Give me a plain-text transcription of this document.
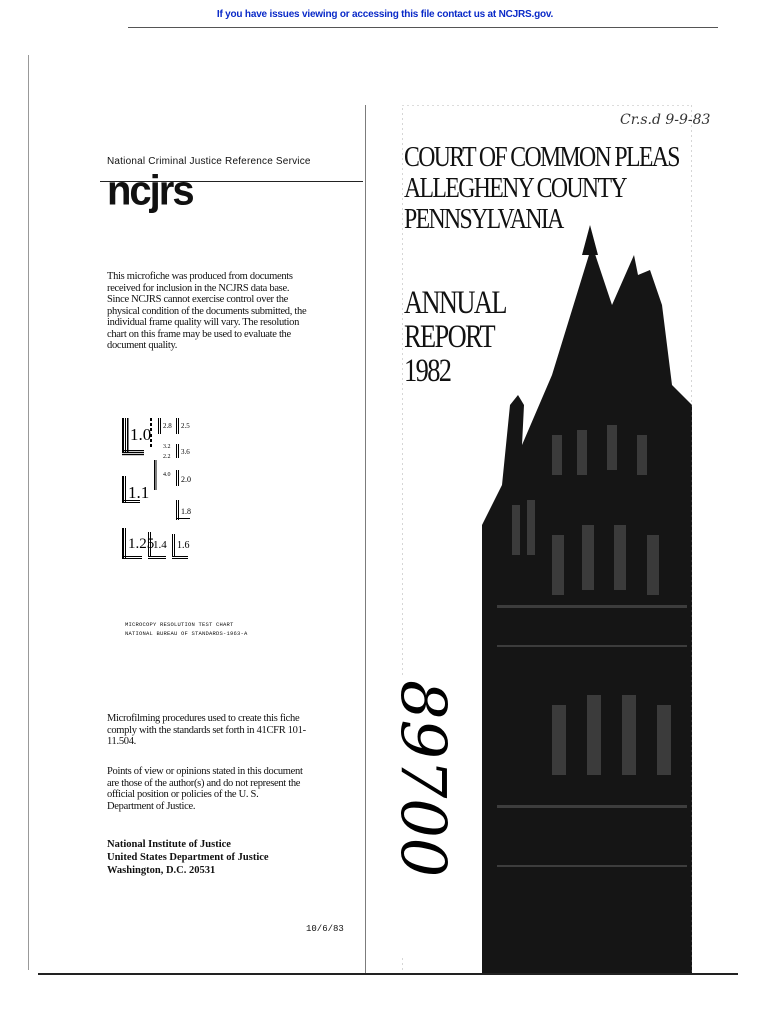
If you have issues viewing or accessing this file contact us at NCJRS.gov.
National Criminal Justice Reference Service
ncjrs
This microfiche was produced from documents received for inclusion in the NCJRS data base. Since NCJRS cannot exercise control over the physical condition of the documents submitted, the individual frame quality will vary. The resolution chart on this frame may be used to evaluate the document quality.
1.0 2.8 2.5
3.2
3.6
2.2
4.0 2.0
1.1
1.8
1.25
1.4 1.6
MICROCOPY RESOLUTION TEST CHART
NATIONAL BUREAU OF STANDARDS-1963-A
Microfilming procedures used to create this fiche comply with the standards set forth in 41CFR 101-11.504.
Points of view or opinions stated in this document are those of the author(s) and do not represent the official position or policies of the U. S. Department of Justice.
National Institute of Justice
United States Department of Justice
Washington, D.C. 20531
10/6/83
Cr.s.d 9-9-83
COURT OF COMMON PLEAS
ALLEGHENY COUNTY
PENNSYLVANIA
ANNUAL
REPORT
1982
89700
